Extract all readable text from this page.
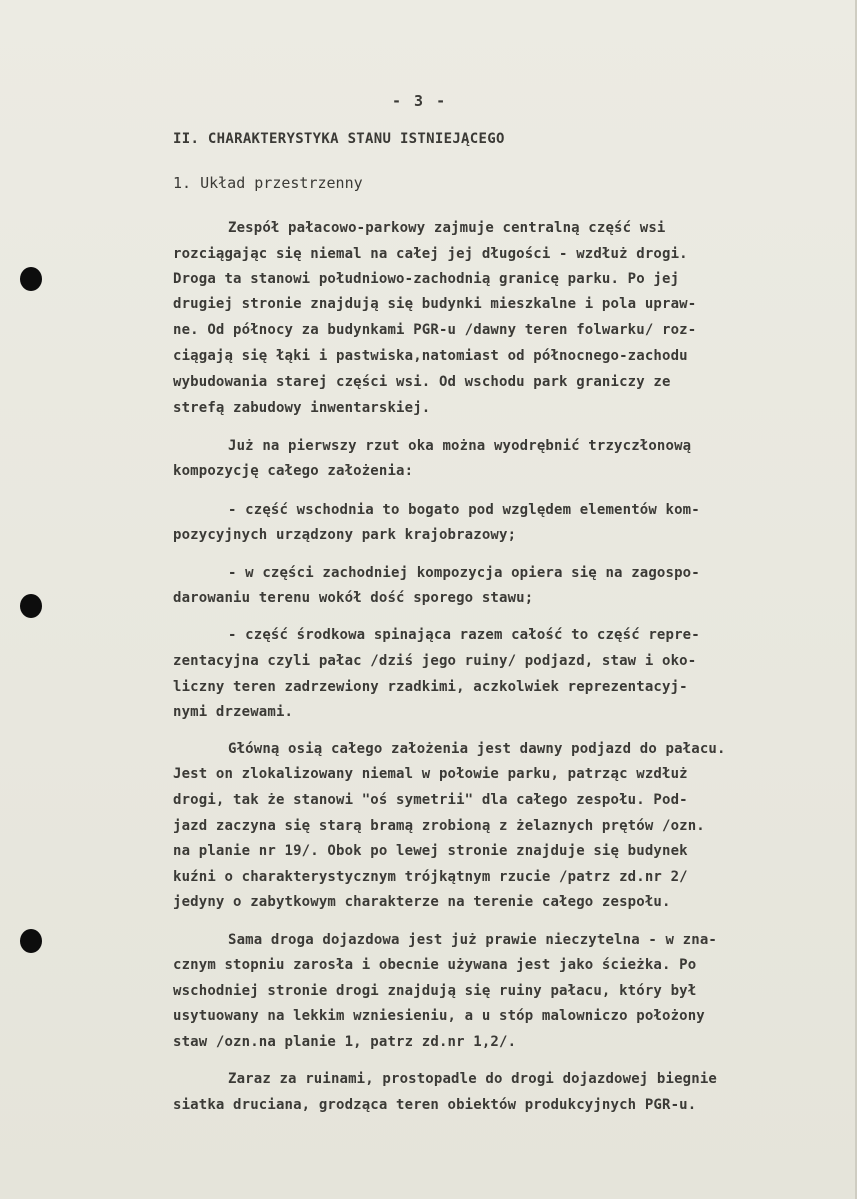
- 3 -
II. CHARAKTERYSTYKA STANU ISTNIEJĄCEGO
1. Układ przestrzenny
Zespół pałacowo-parkowy zajmuje centralną część wsi
rozciągając się niemal na całej jej długości - wzdłuż drogi.
Droga ta stanowi południowo-zachodnią granicę parku. Po jej
drugiej stronie znajdują się budynki mieszkalne i pola upraw-
ne. Od północy za budynkami PGR-u /dawny teren folwarku/ roz-
ciągają się łąki i pastwiska,natomiast od północnego-zachodu
wybudowania starej części wsi. Od wschodu park graniczy ze
strefą zabudowy inwentarskiej.
Już na pierwszy rzut oka można wyodrębnić trzyczłonową
kompozycję całego założenia:
- część wschodnia to bogato pod względem elementów kom-
pozycyjnych urządzony park krajobrazowy;
- w części zachodniej kompozycja opiera się na zagospo-
darowaniu terenu wokół dość sporego stawu;
- część środkowa spinająca razem całość to część repre-
zentacyjna czyli pałac /dziś jego ruiny/ podjazd, staw i oko-
liczny teren zadrzewiony rzadkimi, aczkolwiek reprezentacyj-
nymi drzewami.
Główną osią całego założenia jest dawny podjazd do pałacu.
Jest on zlokalizowany niemal w połowie parku, patrząc wzdłuż
drogi, tak że stanowi "oś symetrii" dla całego zespołu. Pod-
jazd zaczyna się starą bramą zrobioną z żelaznych prętów /ozn.
na planie nr 19/. Obok po lewej stronie znajduje się budynek
kuźni o charakterystycznym trójkątnym rzucie /patrz zd.nr 2/
jedyny o zabytkowym charakterze na terenie całego zespołu.
Sama droga dojazdowa jest już prawie nieczytelna - w zna-
cznym stopniu zarosła i obecnie używana jest jako ścieżka. Po
wschodniej stronie drogi znajdują się ruiny pałacu, który był
usytuowany na lekkim wzniesieniu, a u stóp malowniczo położony
staw /ozn.na planie 1, patrz zd.nr 1,2/.
Zaraz za ruinami, prostopadle do drogi dojazdowej biegnie
siatka druciana, grodząca teren obiektów produkcyjnych PGR-u.
